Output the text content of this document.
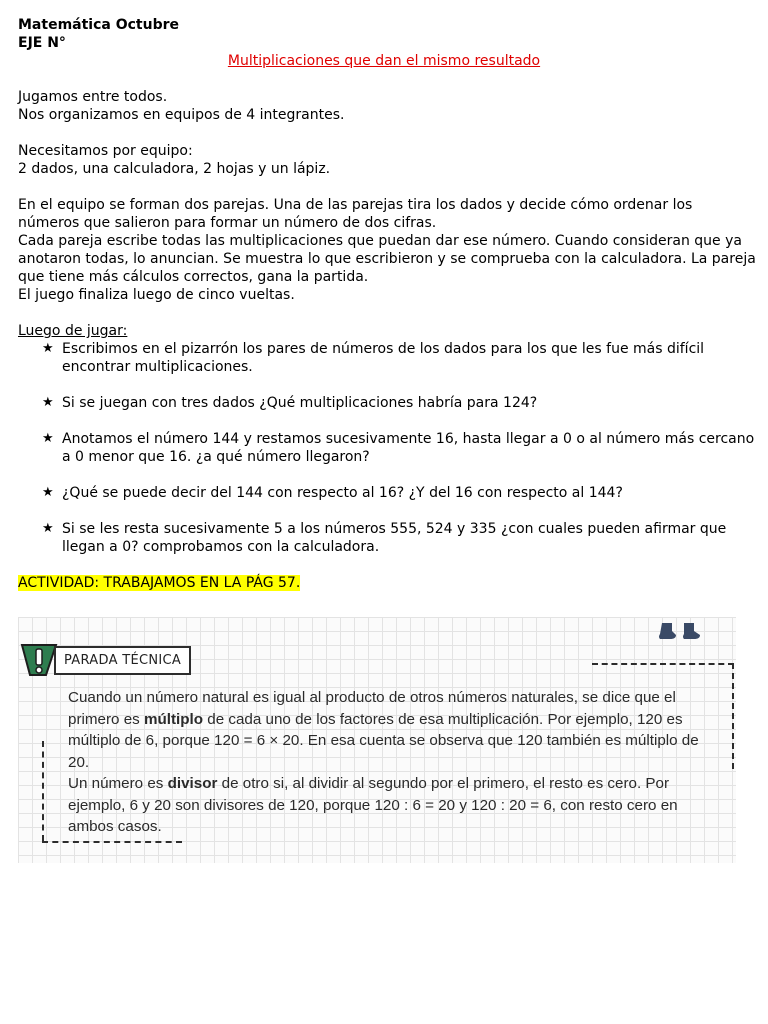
Matemática Octubre
EJE N°
Multiplicaciones que dan el mismo resultado
Jugamos entre todos.
Nos organizamos en equipos de 4 integrantes.
Necesitamos por equipo:
2 dados, una calculadora, 2 hojas y un lápiz.
En el equipo se forman dos parejas. Una de las parejas tira los dados y decide cómo ordenar los números que salieron para formar un número de dos cifras.
Cada pareja escribe todas las multiplicaciones que puedan dar ese número. Cuando consideran que ya anotaron todas, lo anuncian. Se muestra lo que escribieron y se comprueba con la calculadora. La pareja que tiene más cálculos correctos, gana la partida.
El juego finaliza luego de cinco vueltas.
Luego de jugar:
★ Escribimos en el pizarrón los pares de números de los dados para los que les fue más difícil encontrar multiplicaciones.
★ Si se juegan con tres dados ¿Qué multiplicaciones habría para 124?
★ Anotamos el número 144 y restamos sucesivamente 16, hasta llegar a 0 o al número más cercano a 0 menor que 16. ¿a qué número llegaron?
★ ¿Qué se puede decir del 144 con respecto al 16? ¿Y del 16 con respecto al 144?
★ Si se les resta sucesivamente 5 a los números 555, 524 y 335 ¿con cuales pueden afirmar que llegan a 0? comprobamos con la calculadora.
ACTIVIDAD: TRABAJAMOS EN LA PÁG 57.
PARADA TÉCNICA
Cuando un número natural es igual al producto de otros números naturales, se dice que el primero es múltiplo de cada uno de los factores de esa multiplicación. Por ejemplo, 120 es múltiplo de 6, porque 120 = 6 × 20. En esa cuenta se observa que 120 también es múltiplo de 20.
Un número es divisor de otro si, al dividir al segundo por el primero, el resto es cero. Por ejemplo, 6 y 20 son divisores de 120, porque 120 : 6 = 20 y 120 : 20 = 6, con resto cero en ambos casos.
